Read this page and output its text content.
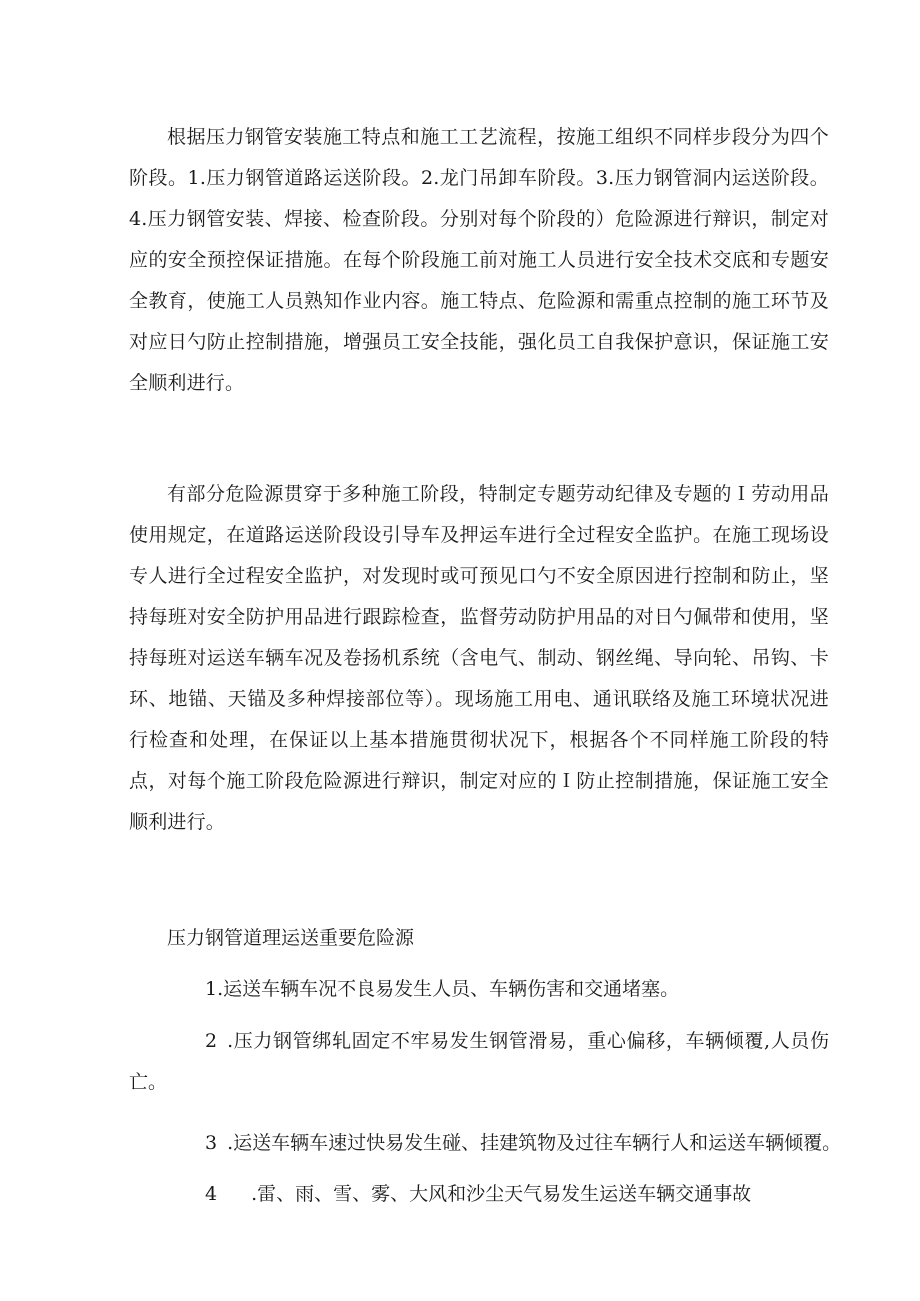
根据压力钢管安装施工特点和施工工艺流程，按施工组织不同样步段分为四个阶段。1.压力钢管道路运送阶段。2.龙门吊卸车阶段。3.压力钢管洞内运送阶段。4.压力钢管安装、焊接、检查阶段。分别对每个阶段的）危险源进行辩识，制定对应的安全预控保证措施。在每个阶段施工前对施工人员进行安全技术交底和专题安全教育，使施工人员熟知作业内容。施工特点、危险源和需重点控制的施工环节及对应日勺防止控制措施，增强员工安全技能，强化员工自我保护意识，保证施工安全顺利进行。

有部分危险源贯穿于多种施工阶段，特制定专题劳动纪律及专题的Ｉ劳动用品使用规定，在道路运送阶段设引导车及押运车进行全过程安全监护。在施工现场设专人进行全过程安全监护，对发现时或可预见口勺不安全原因进行控制和防止，坚持每班对安全防护用品进行跟踪检查，监督劳动防护用品的对日勺佩带和使用，坚持每班对运送车辆车况及卷扬机系统（含电气、制动、钢丝绳、导向轮、吊钩、卡环、地锚、天锚及多种焊接部位等）。现场施工用电、通讯联络及施工环境状况进行检查和处理，在保证以上基本措施贯彻状况下，根据各个不同样施工阶段的特点，对每个施工阶段危险源进行辩识，制定对应的Ｉ防止控制措施，保证施工安全顺利进行。

压力钢管道理运送重要危险源

1.运送车辆车况不良易发生人员、车辆伤害和交通堵塞。

2 .压力钢管绑轧固定不牢易发生钢管滑易，重心偏移，车辆倾覆,人员伤亡。

3 .运送车辆车速过快易发生碰、挂建筑物及过往车辆行人和运送车辆倾覆。

4 .雷、雨、雪、雾、大风和沙尘天气易发生运送车辆交通事故
